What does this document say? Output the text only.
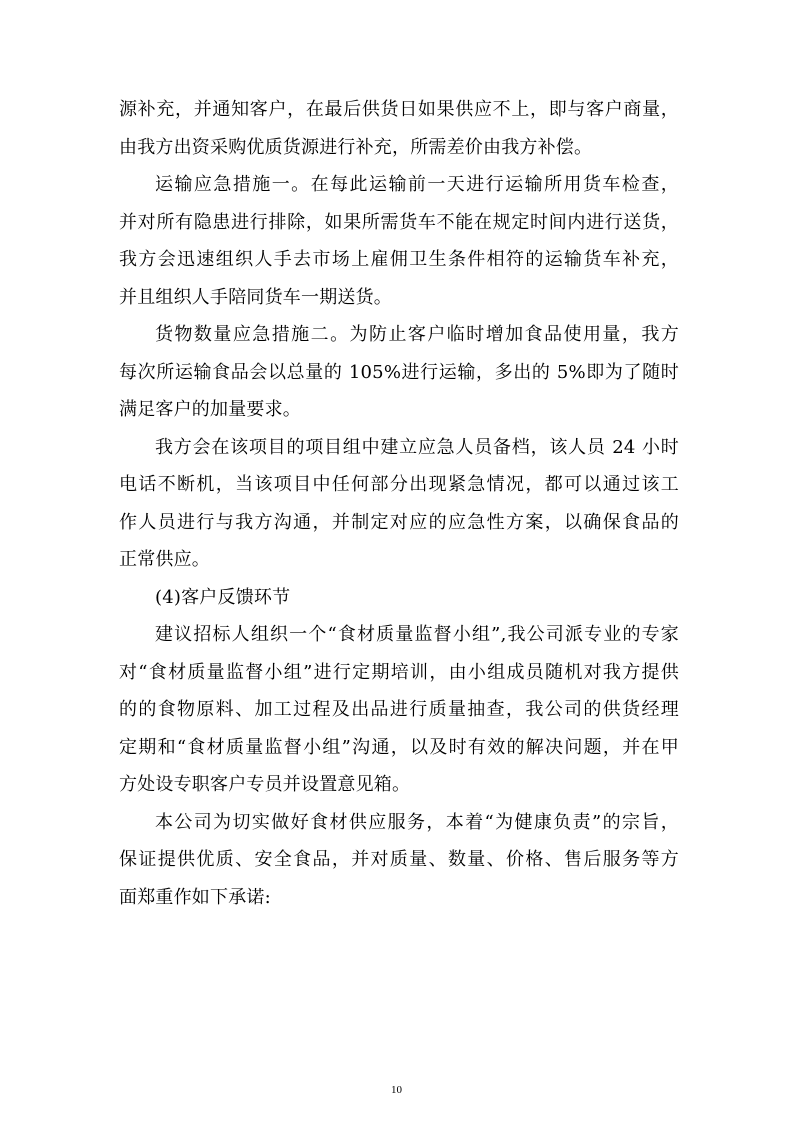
源补充，并通知客户，在最后供货日如果供应不上，即与客户商量，
由我方出资采购优质货源进行补充，所需差价由我方补偿。
运输应急措施一。在每此运输前一天进行运输所用货车检查，
并对所有隐患进行排除，如果所需货车不能在规定时间内进行送货，
我方会迅速组织人手去市场上雇佣卫生条件相符的运输货车补充，
并且组织人手陪同货车一期送货。
货物数量应急措施二。为防止客户临时增加食品使用量，我方
每次所运输食品会以总量的 105%进行运输，多出的 5%即为了随时
满足客户的加量要求。
我方会在该项目的项目组中建立应急人员备档，该人员 24 小时
电话不断机，当该项目中任何部分出现紧急情况，都可以通过该工
作人员进行与我方沟通，并制定对应的应急性方案，以确保食品的
正常供应。
(4)客户反馈环节
建议招标人组织一个“食材质量监督小组”,我公司派专业的专家
对“食材质量监督小组”进行定期培训，由小组成员随机对我方提供
的的食物原料、加工过程及出品进行质量抽查，我公司的供货经理
定期和“食材质量监督小组”沟通，以及时有效的解决问题，并在甲
方处设专职客户专员并设置意见箱。
本公司为切实做好食材供应服务，本着“为健康负责”的宗旨，
保证提供优质、安全食品，并对质量、数量、价格、售后服务等方
面郑重作如下承诺:
10
